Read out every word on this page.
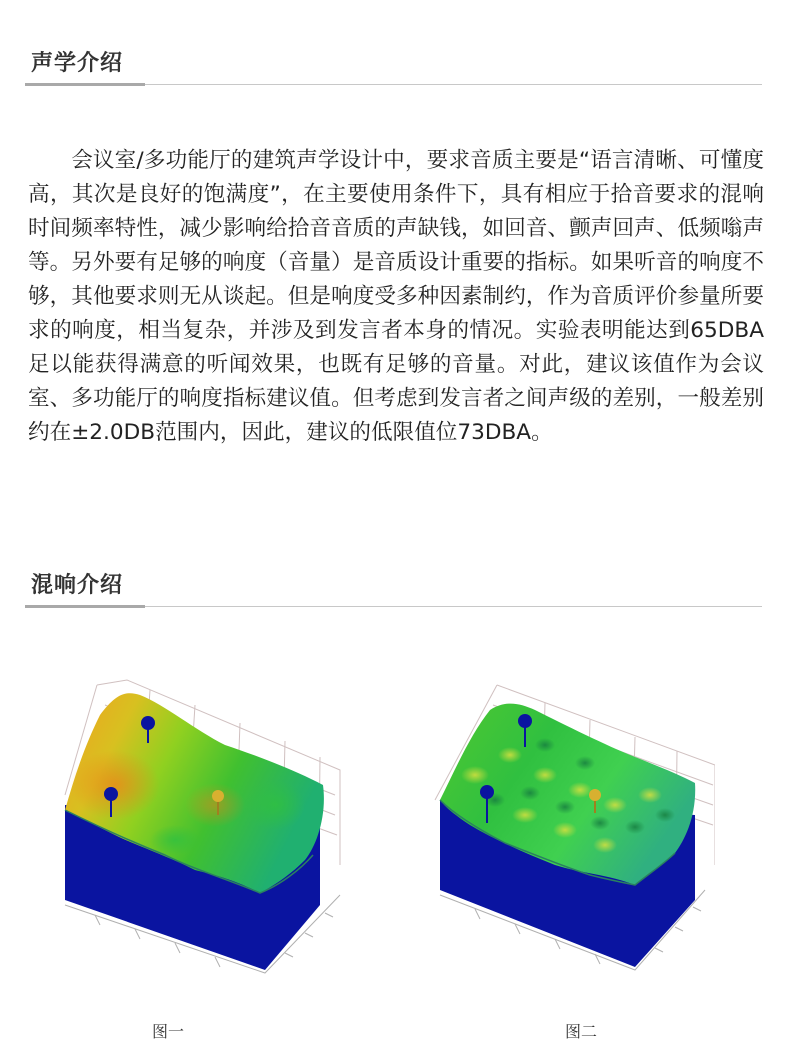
声学介绍

会议室/多功能厅的建筑声学设计中，要求音质主要是“语言清晰、可懂度高，其次是良好的饱满度”，在主要使用条件下，具有相应于拾音要求的混响时间频率特性，减少影响给拾音音质的声缺钱，如回音、颤声回声、低频嗡声等。另外要有足够的响度（音量）是音质设计重要的指标。如果听音的响度不够，其他要求则无从谈起。但是响度受多种因素制约，作为音质评价参量所要求的响度，相当复杂，并涉及到发言者本身的情况。实验表明能达到65DBA足以能获得满意的听闻效果，也既有足够的音量。对此，建议该值作为会议室、多功能厅的响度指标建议值。但考虑到发言者之间声级的差别，一般差别约在±2.0DB范围内，因此，建议的低限值位73DBA。

混响介绍
图一	图二
